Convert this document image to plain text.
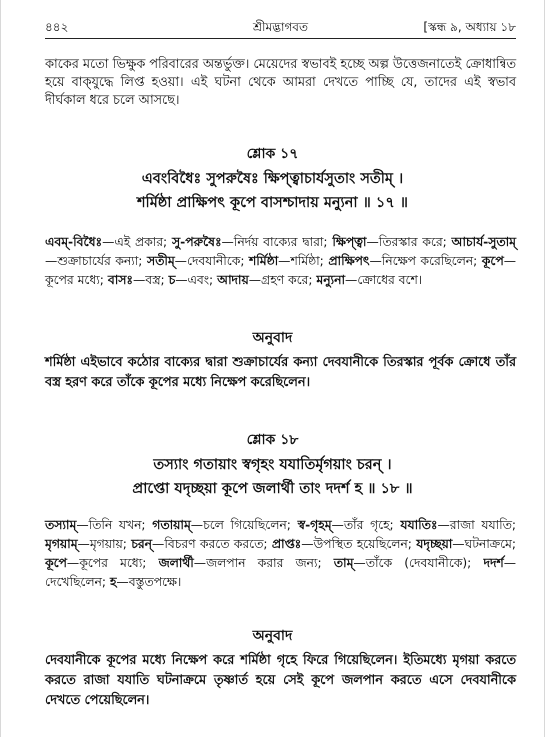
৪৪২	শ্রীমদ্ভাগবত	[স্কন্ধ ৯, অধ্যায় ১৮
কাকের মতো ভিক্ষুক পরিবারের অন্তর্ভুক্ত। মেয়েদের স্বভাবই হচ্ছে অল্প উত্তেজনাতেই ক্রোধান্বিত হয়ে বাক্‌যুদ্ধে লিপ্ত হওয়া। এই ঘটনা থেকে আমরা দেখতে পাচ্ছি যে, তাদের এই স্বভাব দীর্ঘকাল ধরে চলে আসছে।
শ্লোক ১৭
এবংবিধৈঃ সুপরুষৈঃ ক্ষিপ্ত্বাচার্যসুতাং সতীম্ ।
শর্মিষ্ঠা প্রাক্ষিপৎ কূপে বাসশ্চাদায় মন্যুনা ॥ ১৭ ॥
এবম্-বিধৈঃ—এই প্রকার; সু-পরুষৈঃ—নির্দয় বাক্যের দ্বারা; ক্ষিপ্ত্বা—তিরস্কার করে; আচার্য-সুতাম্—শুক্রাচার্যের কন্যা; সতীম্—দেবযানীকে; শর্মিষ্ঠা—শর্মিষ্ঠা; প্রাক্ষিপৎ—নিক্ষেপ করেছিলেন; কূপে—কূপের মধ্যে; বাসঃ—বস্ত্র; চ—এবং; আদায়—গ্রহণ করে; মন্যুনা—ক্রোধের বশে।
অনুবাদ
শর্মিষ্ঠা এইভাবে কঠোর বাক্যের দ্বারা শুক্রাচার্যের কন্যা দেবযানীকে তিরস্কার পূর্বক ক্রোধে তাঁর বস্ত্র হরণ করে তাঁকে কূপের মধ্যে নিক্ষেপ করেছিলেন।
শ্লোক ১৮
তস্যাং গতায়াং স্বগৃহং যযাতির্মৃগয়াং চরন্ ।
প্রাপ্তো যদৃচ্ছয়া কূপে জলার্থী তাং দদর্শ হ ॥ ১৮ ॥
তস্যাম্—তিনি যখন; গতায়াম্—চলে গিয়েছিলেন; স্ব-গৃহম্—তাঁর গৃহে; যযাতিঃ—রাজা যযাতি; মৃগয়াম্—মৃগয়ায়; চরন্—বিচরণ করতে করতে; প্রাপ্তঃ—উপস্থিত হয়েছিলেন; যদৃচ্ছয়া—ঘটনাক্রমে; কূপে—কূপের মধ্যে; জলার্থী—জলপান করার জন্য; তাম্—তাঁকে (দেবযানীকে); দদর্শ—দেখেছিলেন; হ—বস্তুতপক্ষে।
অনুবাদ
দেবযানীকে কূপের মধ্যে নিক্ষেপ করে শর্মিষ্ঠা গৃহে ফিরে গিয়েছিলেন। ইতিমধ্যে মৃগয়া করতে করতে রাজা যযাতি ঘটনাক্রমে তৃষ্ণার্ত হয়ে সেই কূপে জলপান করতে এসে দেবযানীকে দেখতে পেয়েছিলেন।
